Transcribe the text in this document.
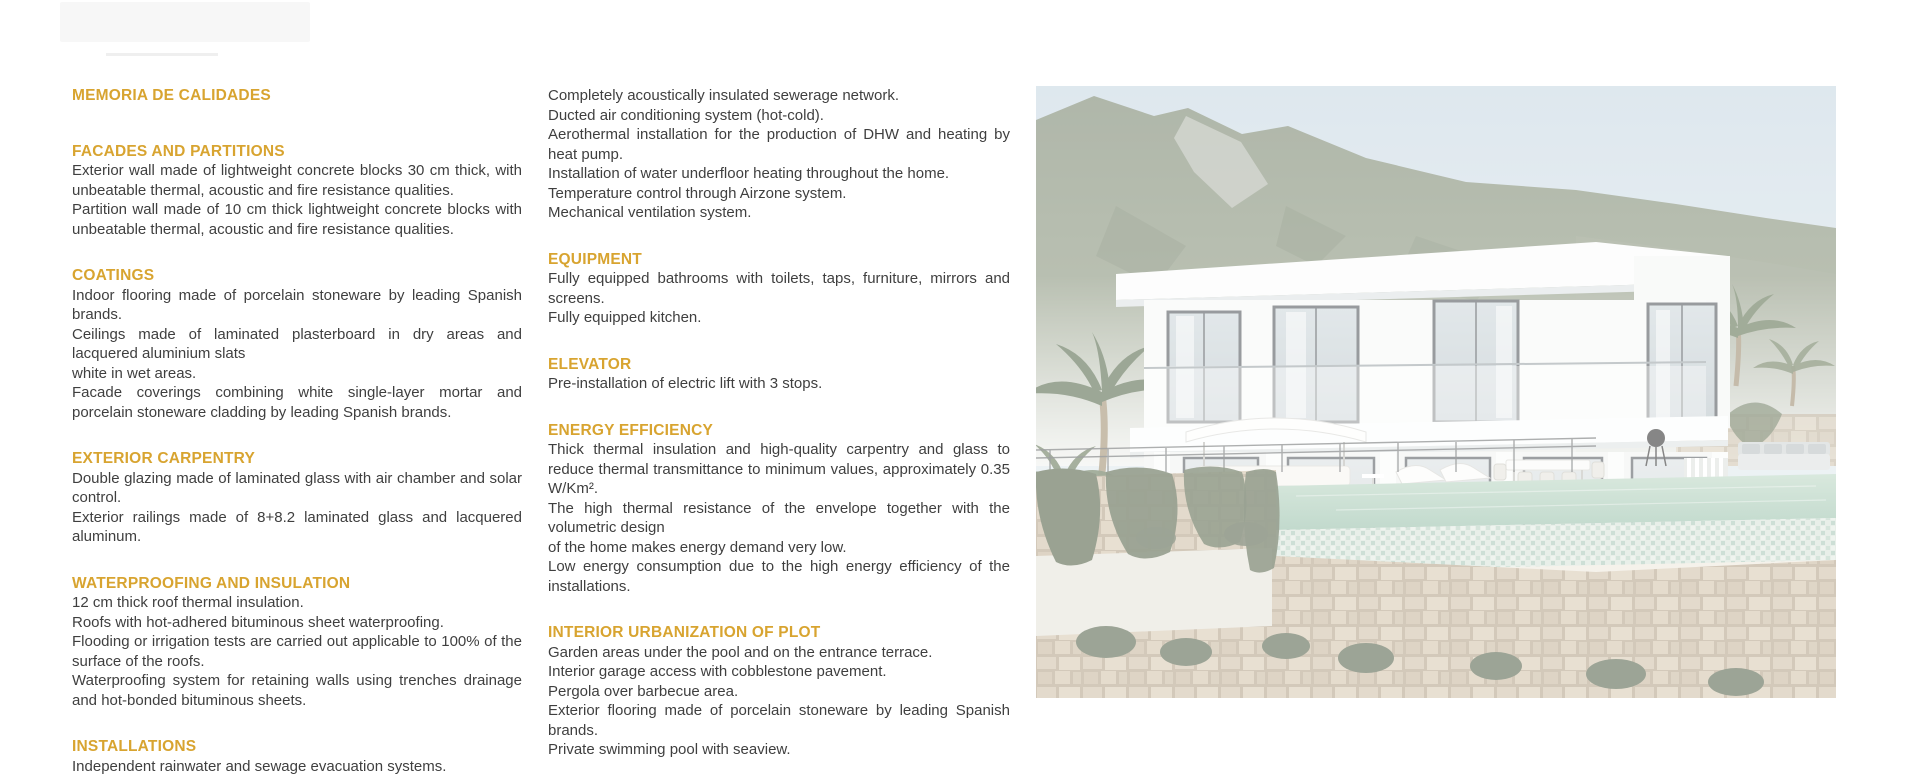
MEMORIA DE CALIDADES
FACADES AND PARTITIONS

Exterior wall made of lightweight concrete blocks 30 cm thick, with unbeatable thermal, acoustic and fire resistance qualities.

Partition wall made of 10 cm thick lightweight concrete blocks with unbeatable thermal, acoustic and fire resistance qualities.

COATINGS

Indoor flooring made of porcelain stoneware by leading Spanish brands.

Ceilings made of laminated plasterboard in dry areas and lacquered aluminium slats

white in wet areas.

Facade coverings combining white single-layer mortar and porcelain stoneware cladding by leading Spanish brands.

EXTERIOR CARPENTRY

Double glazing made of laminated glass with air chamber and solar control.

Exterior railings made of 8+8.2 laminated glass and lacquered aluminum.

WATERPROOFING AND INSULATION

12 cm thick roof thermal insulation.

Roofs with hot-adhered bituminous sheet waterproofing.

Flooding or irrigation tests are carried out applicable to 100% of the surface of the roofs.

Waterproofing system for retaining walls using trenches drainage and hot-bonded bituminous sheets.

INSTALLATIONS

Independent rainwater and sewage evacuation systems.

Completely acoustically insulated sewerage network.

Ducted air conditioning system (hot-cold).

Aerothermal installation for the production of DHW and heating by heat pump.

Installation of water underfloor heating throughout the home.

Temperature control through Airzone system.

Mechanical ventilation system.

EQUIPMENT

Fully equipped bathrooms with toilets, taps, furniture, mirrors and screens.

Fully equipped kitchen.

ELEVATOR

Pre-installation of electric lift with 3 stops.

ENERGY EFFICIENCY

Thick thermal insulation and high-quality carpentry and glass to reduce thermal transmittance to minimum values, approximately 0.35 W/Km².

The high thermal resistance of the envelope together with the volumetric design

of the home makes energy demand very low.

Low energy consumption due to the high energy efficiency of the installations.

INTERIOR URBANIZATION OF PLOT

Garden areas under the pool and on the entrance terrace.

Interior garage access with cobblestone pavement.

Pergola over barbecue area.

Exterior flooring made of porcelain stoneware by leading Spanish brands.

Private swimming pool with seaview.
